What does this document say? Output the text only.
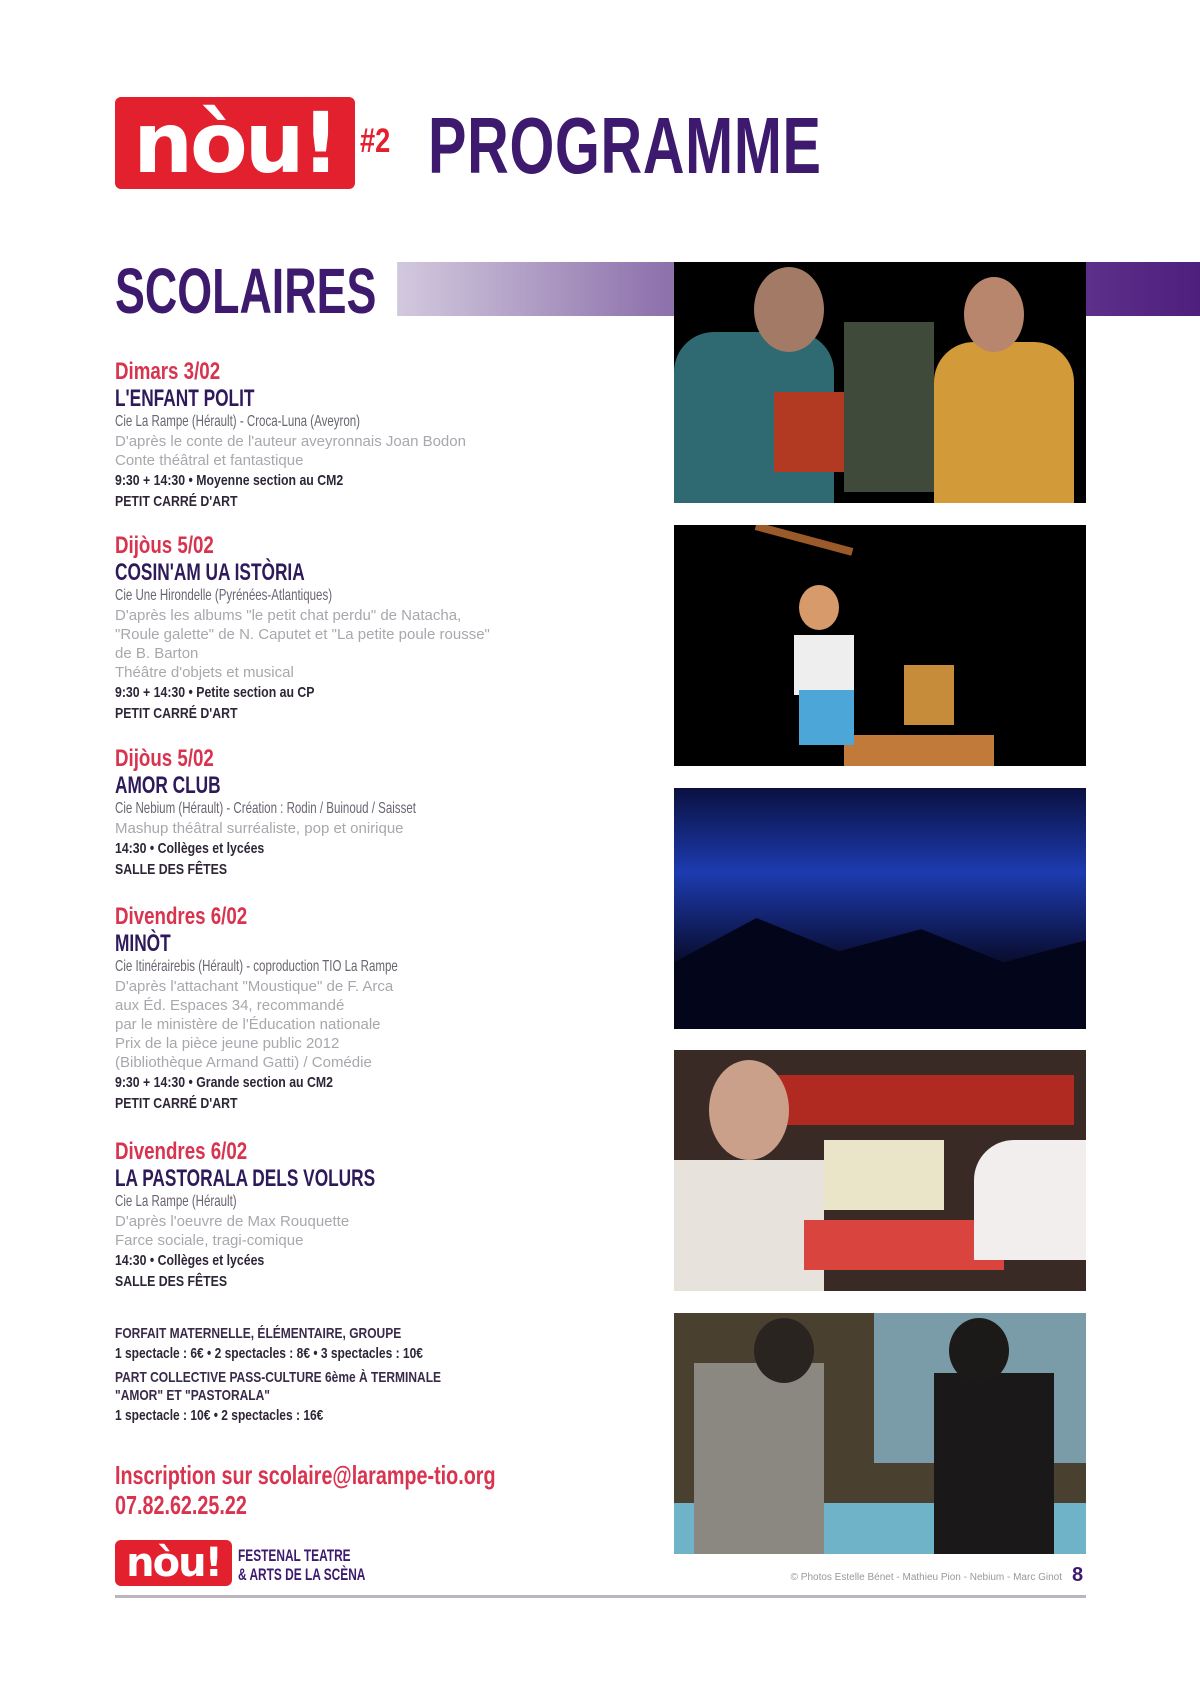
nòu! #2 PROGRAMME
SCOLAIRES
Dimars 3/02
L'ENFANT POLIT
Cie La Rampe (Hérault) - Croca-Luna (Aveyron)
D'après le conte de l'auteur aveyronnais Joan Bodon
Conte théâtral et fantastique
9:30 + 14:30 • Moyenne section au CM2
PETIT CARRÉ D'ART
Dijòus 5/02
COSIN'AM UA ISTÒRIA
Cie Une Hirondelle (Pyrénées-Atlantiques)
D'après les albums "le petit chat perdu" de Natacha,
"Roule galette" de N. Caputet et "La petite poule rousse"
de B. Barton
Théâtre d'objets et musical
9:30 + 14:30 • Petite section au CP
PETIT CARRÉ D'ART
Dijòus 5/02
AMOR CLUB
Cie Nebium (Hérault) - Création : Rodin / Buinoud / Saisset
Mashup théâtral surréaliste, pop et onirique
14:30 • Collèges et lycées
SALLE DES FÊTES
Divendres 6/02
MINÒT
Cie Itinérairebis (Hérault) - coproduction TIO La Rampe
D'après l'attachant "Moustique" de F. Arca
aux Éd. Espaces 34, recommandé
par le ministère de l'Éducation nationale
Prix de la pièce jeune public 2012
(Bibliothèque Armand Gatti) / Comédie
9:30 + 14:30 • Grande section au CM2
PETIT CARRÉ D'ART
Divendres 6/02
LA PASTORALA DELS VOLURS
Cie La Rampe (Hérault)
D'après l'oeuvre de Max Rouquette
Farce sociale, tragi-comique
14:30 • Collèges et lycées
SALLE DES FÊTES
FORFAIT MATERNELLE, ÉLÉMENTAIRE, GROUPE
1 spectacle : 6€ • 2 spectacles : 8€ • 3 spectacles : 10€
PART COLLECTIVE PASS-CULTURE 6ème À TERMINALE
"AMOR" ET "PASTORALA"
1 spectacle : 10€ • 2 spectacles : 16€
Inscription sur scolaire@larampe-tio.org
07.82.62.25.22
nòu! FESTENAL TEATRE
& ARTS DE LA SCÈNA	© Photos Estelle Bénet - Mathieu Pion - Nebium - Marc Ginot 8
